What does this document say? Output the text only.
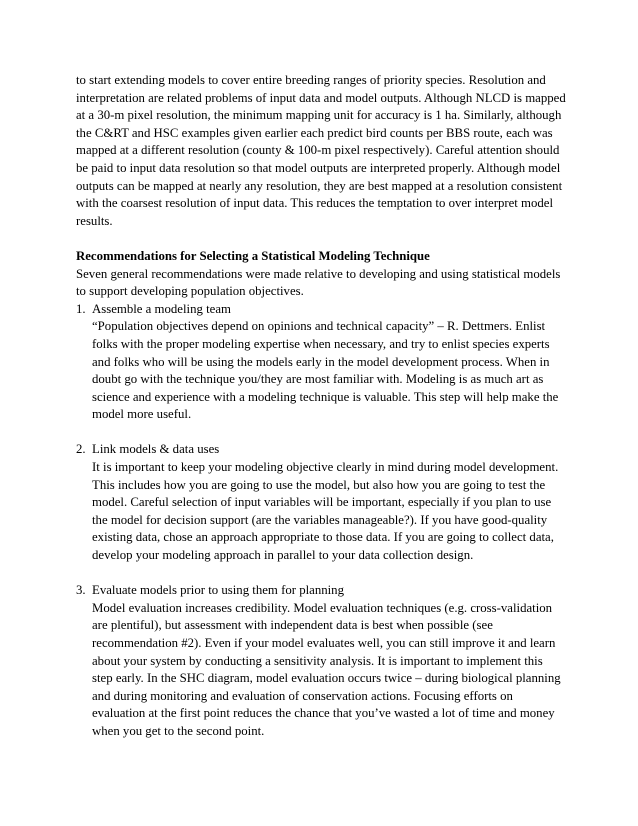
to start extending models to cover entire breeding ranges of priority species. Resolution and interpretation are related problems of input data and model outputs. Although NLCD is mapped at a 30-m pixel resolution, the minimum mapping unit for accuracy is 1 ha. Similarly, although the C&RT and HSC examples given earlier each predict bird counts per BBS route, each was mapped at a different resolution (county & 100-m pixel respectively). Careful attention should be paid to input data resolution so that model outputs are interpreted properly. Although model outputs can be mapped at nearly any resolution, they are best mapped at a resolution consistent with the coarsest resolution of input data. This reduces the temptation to over interpret model results.

Recommendations for Selecting a Statistical Modeling Technique

Seven general recommendations were made relative to developing and using statistical models to support developing population objectives.

1. Assemble a modeling team

“Population objectives depend on opinions and technical capacity” – R. Dettmers. Enlist folks with the proper modeling expertise when necessary, and try to enlist species experts and folks who will be using the models early in the model development process. When in doubt go with the technique you/they are most familiar with. Modeling is as much art as science and experience with a modeling technique is valuable. This step will help make the model more useful.

2. Link models & data uses

It is important to keep your modeling objective clearly in mind during model development. This includes how you are going to use the model, but also how you are going to test the model. Careful selection of input variables will be important, especially if you plan to use the model for decision support (are the variables manageable?). If you have good-quality existing data, chose an approach appropriate to those data. If you are going to collect data, develop your modeling approach in parallel to your data collection design.

3. Evaluate models prior to using them for planning

Model evaluation increases credibility. Model evaluation techniques (e.g. cross-validation are plentiful), but assessment with independent data is best when possible (see recommendation #2). Even if your model evaluates well, you can still improve it and learn about your system by conducting a sensitivity analysis. It is important to implement this step early. In the SHC diagram, model evaluation occurs twice – during biological planning and during monitoring and evaluation of conservation actions. Focusing efforts on evaluation at the first point reduces the chance that you’ve wasted a lot of time and money when you get to the second point.
